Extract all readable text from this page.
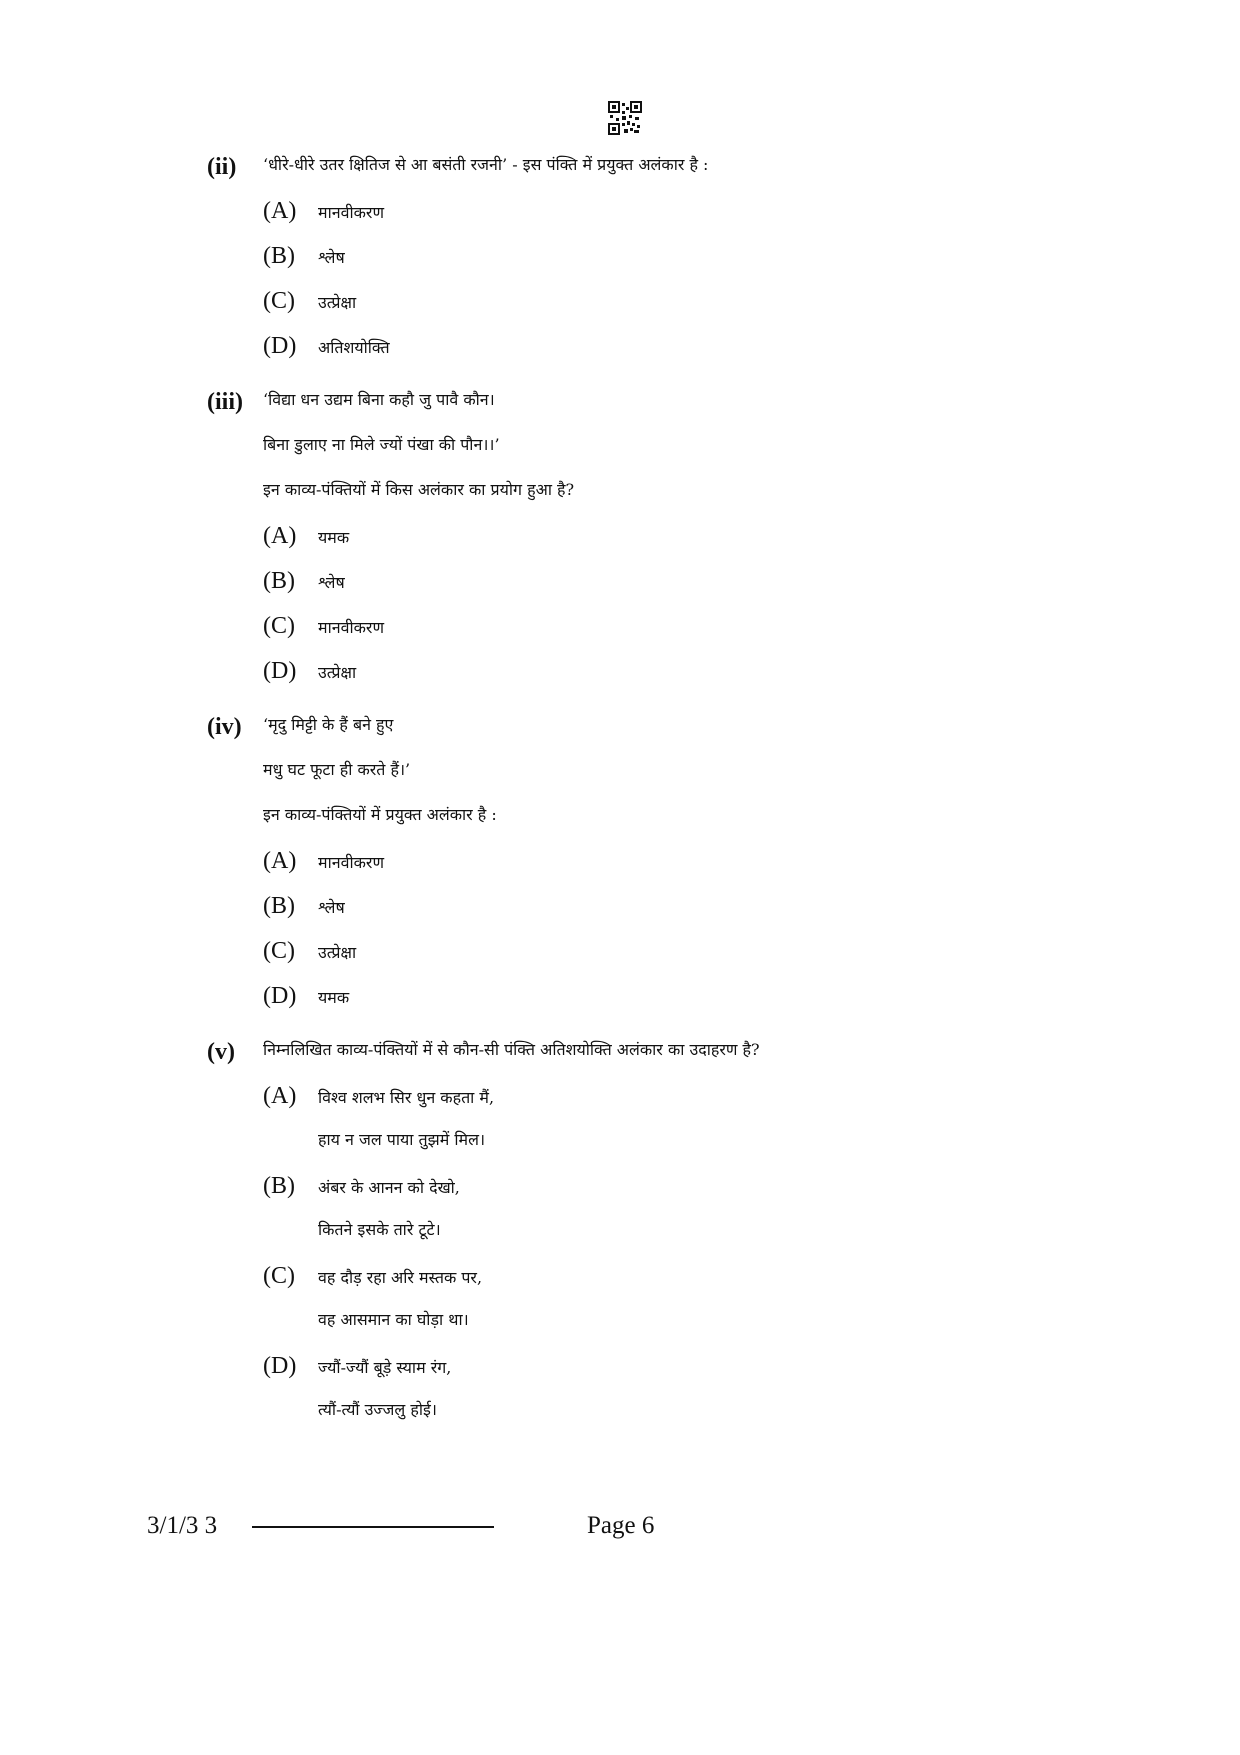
(ii) ‘धीरे-धीरे उतर क्षितिज से आ बसंती रजनी’ - इस पंक्ति में प्रयुक्त अलंकार है :
(A) मानवीकरण
(B) श्लेष
(C) उत्प्रेक्षा
(D) अतिशयोक्ति
(iii) ‘विद्या धन उद्यम बिना कहौ जु पावै कौन।
बिना डुलाए ना मिले ज्यों पंखा की पौन।।’
इन काव्य-पंक्तियों में किस अलंकार का प्रयोग हुआ है?
(A) यमक
(B) श्लेष
(C) मानवीकरण
(D) उत्प्रेक्षा
(iv) ‘मृदु मिट्टी के हैं बने हुए
मधु घट फूटा ही करते हैं।’
इन काव्य-पंक्तियों में प्रयुक्त अलंकार है :
(A) मानवीकरण
(B) श्लेष
(C) उत्प्रेक्षा
(D) यमक
(v) निम्नलिखित काव्य-पंक्तियों में से कौन-सी पंक्ति अतिशयोक्ति अलंकार का उदाहरण है?
(A) विश्व शलभ सिर धुन कहता मैं,
हाय न जल पाया तुझमें मिल।
(B) अंबर के आनन को देखो,
कितने इसके तारे टूटे।
(C) वह दौड़ रहा अरि मस्तक पर,
वह आसमान का घोड़ा था।
(D) ज्यौं-ज्यौं बूड़े स्याम रंग,
त्यौं-त्यौं उज्जलु होई।
3/1/3 3	Page 6
